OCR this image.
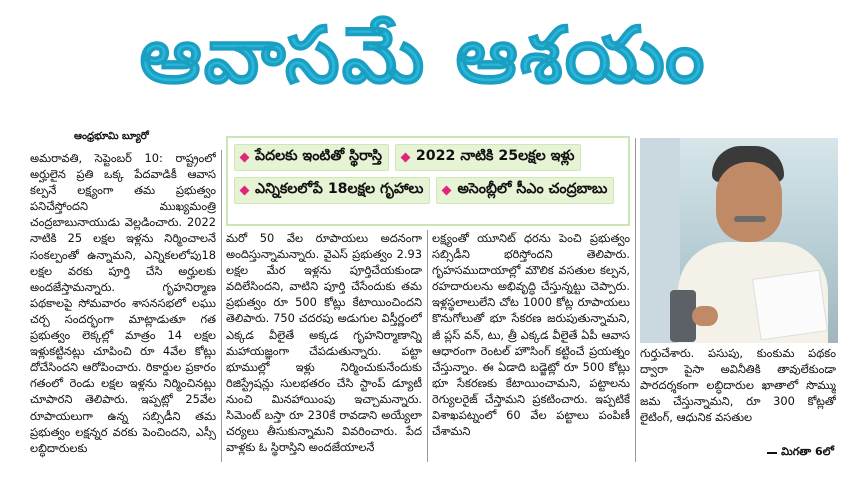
ఆవాసమే ఆశయం
ఆంధ్రభూమి బ్యూరో
పేదలకు ఇంటితో స్థిరాస్తి 2022 నాటికి 25లక్షల ఇళ్లు
ఎన్నికలలోపే 18లక్షల గృహాలు అసెంబ్లీలో సీఎం చంద్రబాబు

అమరావతి, సెప్టెంబర్ 10: రాష్ట్రంలో అర్హులైన ప్రతి ఒక్క పేదవాడికీ ఆవాస కల్పనే లక్ష్యంగా తమ ప్రభుత్వం పనిచేస్తోందని ముఖ్యమంత్రి చంద్రబాబునాయుడు వెల్లడించారు. 2022 నాటికి 25 లక్షల ఇళ్లను నిర్మించాలనే సంకల్పంతో ఉన్నామని, ఎన్నికలలోపు18 లక్షల వరకు పూర్తి చేసి అర్హులకు అందజేస్తామన్నారు. గృహనిర్మాణ పథకాలపై సోమవారం శాసనసభలో లఘు చర్చ సందర్భంగా మాట్లాడుతూ గత ప్రభుత్వం లెక్కల్లో మాత్రం 14 లక్షల ఇళ్లుకట్టినట్లు చూపించి రూ 4వేల కోట్లు దోచేసిందని ఆరోపించారు. రికార్డుల ప్రకారం గతంలో రెండు లక్షల ఇళ్లను నిర్మించినట్లు చూపారని తెలిపారు. ఇప్పట్లో 25వేల రూపాయలుగా ఉన్న సబ్సిడీని తమ ప్రభుత్వం లక్షన్నర వరకు పెంచిందని, ఎస్సీ లబ్ధిదారులకు

మరో 50 వేల రూపాయలు అదనంగా అందిస్తున్నామన్నారు. వైఎస్ ప్రభుత్వం 2.93 లక్షల మేర ఇళ్లను పూర్తిచేయకుండా వదిలేసిందని, వాటిని పూర్తి చేసేందుకు తమ ప్రభుత్వం రూ 500 కోట్లు కేటాయించిందని తెలిపారు. 750 చదరపు అడుగుల విస్తీర్ణంలో ఎక్కడ వీలైతే అక్కడ గృహనిర్మాణాన్ని మహాయజ్ఞంగా చేపడుతున్నారు. పట్టా భూముల్లో ఇళ్లు నిర్మించుకునేందుకు రిజిస్ట్రేషన్లు సులభతరం చేసి స్టాంప్ డ్యూటీ నుంచి మినహాయింపు ఇచ్చామన్నారు. సిమెంట్ బస్తా రూ 230కే రావడాని అయ్యేలా చర్యలు తీసుకున్నామని వివరించారు. పేద వాళ్లకు ఓ స్థిరాస్తిని అందజేయాలనే

లక్ష్యంతో యూనిట్ ధరను పెంచి ప్రభుత్వం సబ్సిడీని భరిస్తోందని తెలిపారు. గృహసముదాయాల్లో మౌలిక వసతుల కల్పన, రహదారులను అభివృద్ధి చేస్తున్నట్టు చెప్పారు. ఇళ్లస్థలాలులేని చోట 1000 కోట్ల రూపాయలు కొనుగోలుతో భూ సేకరణ జరుపుతున్నామని, జీ ప్లస్ వన్, టు, త్రీ ఎక్కడ వీలైతే ఏపీ ఆవాస ఆధారంగా రెంటల్ హౌసింగ్ కట్టించే ప్రయత్నం చేస్తున్నాం. ఈ ఏడాది బడ్జెట్లో రూ 500 కోట్లు భూ సేకరణకు కేటాయించామని, పట్టాలను రెగ్యులరైజ్ చేస్తామని ప్రకటించారు. ఇప్పటికే విశాఖపట్నంలో 60 వేల పట్టాలు పంపిణీ చేశామని

గుర్తుచేశారు. పసుపు, కుంకుమ పథకం ద్వారా పైసా అవినీతికి తావులేకుండా పారదర్శకంగా లబ్ధిదారుల ఖాతాలో సొమ్ము జమ చేస్తున్నామని, రూ 300 కోట్లతో లైటింగ్, ఆధునిక వసతుల

మిగతా 6లో
